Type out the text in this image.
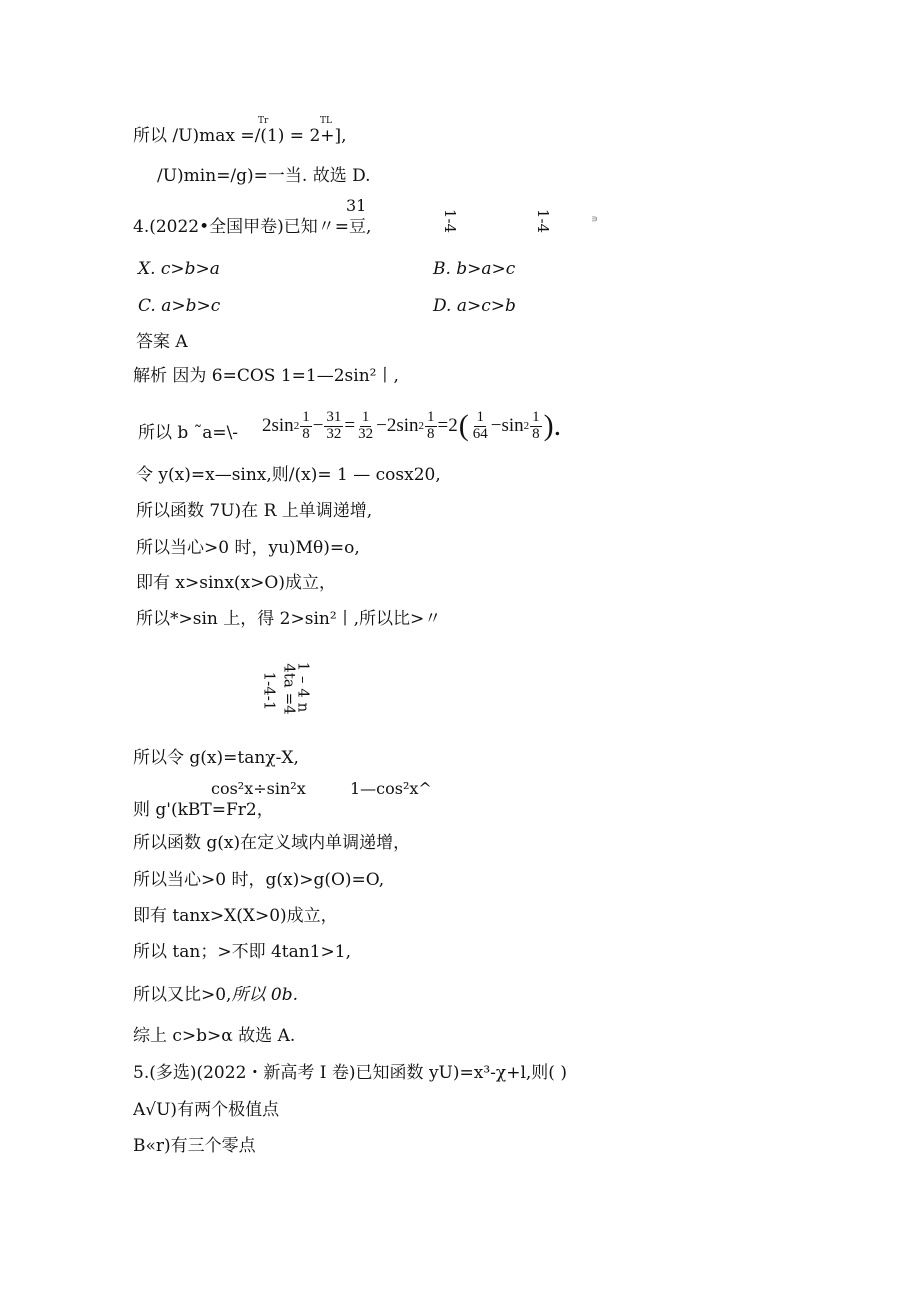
所以 /U)max =/(1) = 2+],
Tr	TL
/U)min=/g)=一当. 故选 D.
31
4.(2022•全国甲卷)已知〃=豆,	1-4	1-4	∍
X. c>b>a	B. b>a>c
C. a>b>c	D. a>c>b
答案 A
解析 因为 6=COS 1=1—2sin²丨,
所以 b ˜a=\- 2sin $2 \frac{1}{8} - \frac{31}{32} = \frac{1}{32} -2\sin$ $2 \frac{1}{8} =2$ ( $\frac{1}{64} -\sin$ $2 \frac{1}{8}$ ).
令 y(x)=x—sinx,则/(x)= 1 — cosx20,
所以函数 7U)在 R 上单调递增,
所以当心>0 时，yu)Mθ)=o,
即有 x>sinx(x>O)成立，
所以*>sin 上，得 2>sin²丨,所以比>〃
1 – 4 n
4ta =4
1-4-1
所以令 g(x)=tanχ-X,
cos²x÷sin²x	1—cos²x^
则 g'(kBT=Fr2，
所以函数 g(x)在定义域内单调递增，
所以当心>0 时，g(x)>g(O)=O,
即有 tanx>X(X>0)成立，
所以 tan；>不即 4tan1>1,
所以又比>0,所以 0b.
综上 c>b>α 故选 A.
5.(多选)(2022・新高考 I 卷)已知函数 yU)=x³-χ+l,则( )
A√U)有两个极值点
B«r)有三个零点
